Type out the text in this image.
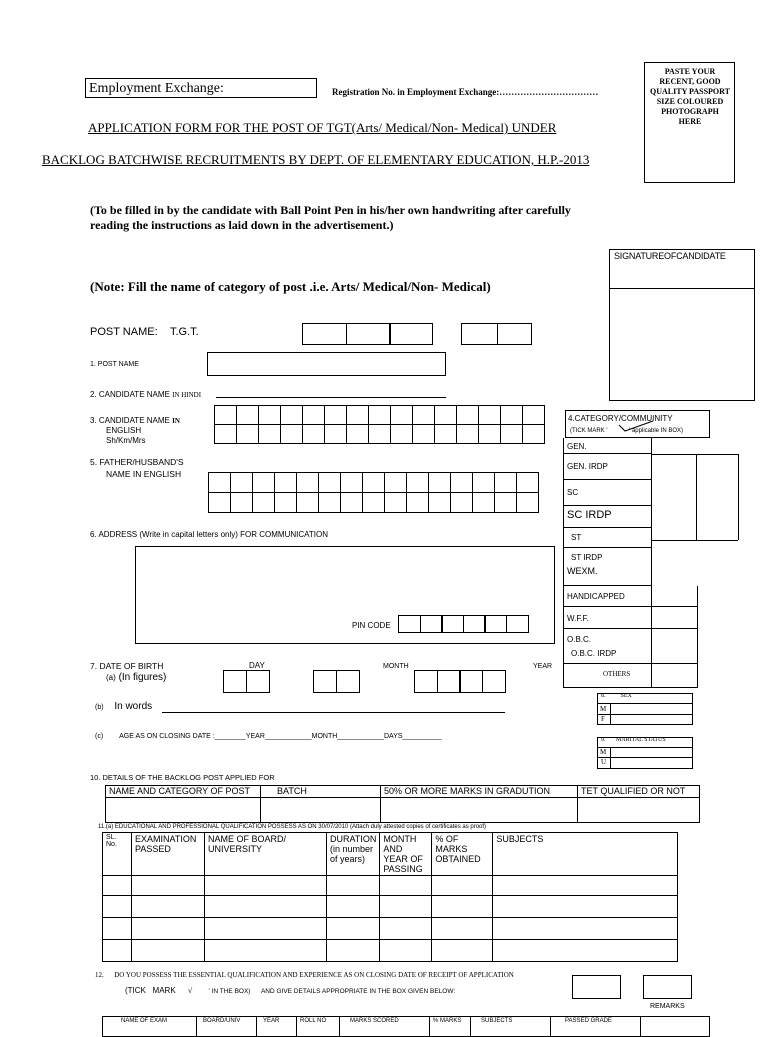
Employment Exchange:	Registration No. in Employment Exchange:……………………………
PASTE YOUR RECENT, GOOD QUALITY PASSPORT SIZE COLOURED PHOTOGRAPH HERE
APPLICATION FORM FOR THE POST OF TGT(Arts/ Medical/Non- Medical) UNDER
BACKLOG BATCHWISE RECRUITMENTS BY DEPT. OF ELEMENTARY EDUCATION, H.P.-2013
(To be filled in by the candidate with Ball Point Pen in his/her own handwriting after carefully reading the instructions as laid down in the advertisement.)
SIGNATUREOFCANDIDATE
(Note: Fill the name of category of post .i.e. Arts/ Medical/Non- Medical)
POST NAME: T.G.T.
1. POST NAME
2. CANDIDATE NAME IN HINDI
3. CANDIDATE NAME IN
ENGLISH
Sh/Km/Mrs

5. FATHER/HUSBAND'S
NAME IN ENGLISH

6. ADDRESS (Write in capital letters only) FOR COMMUNICATION
PIN CODE
7. DATE OF BIRTH	DAY	MONTH	YEAR
(a) (In figures)
(b) In words
(c) AGE AS ON CLOSING DATE :________YEAR____________MONTH____________DAYS__________
4.CATEGORY/COMMUINITY
(TICK MARK '	' applicable IN BOX)
GEN.
GEN. IRDP
SC
SC IRDP
ST
ST IRDP
WEXM.
HANDICAPPED
W.F.F.
O.B.C.
O.B.C. IRDP
OTHERS
8.          SEX
M
F
9.       MARITAL STATUS
M
U
10. DETAILS OF THE BACKLOG POST APPLIED FOR
NAME AND CATEGORY OF POST	BATCH	50% OR MORE MARKS IN GRADUTION	TET QUALIFIED OR NOT

11.(a) EDUCATIONAL AND PROFESSIONAL QUALIFICATION POSSESS AS ON 30/07/2010 (Attach duly attested copies of certificates as proof)
SL. No.	EXAMINATION PASSED	NAME OF BOARD/ UNIVERSITY	DURATION (in number of years)	MONTH AND YEAR OF PASSING	% OF MARKS OBTAINED	SUBJECTS

12.      DO YOU POSSESS THE ESSENTIAL QUALIFICATION AND EXPERIENCE AS ON CLOSING DATE OF RECEIPT OF APPLICATION
(TICK   MARK √ ' IN THE BOX)      AND GIVE DETAILS APPROPRIATE IN THE BOX GIVEN BELOW:
REMARKS
NAME OF EXAM	BOARD/UNIV	YEAR	ROLL NO	MARKS SCORED	% MARKS	SUBJECTS	PASSED GRADE	
